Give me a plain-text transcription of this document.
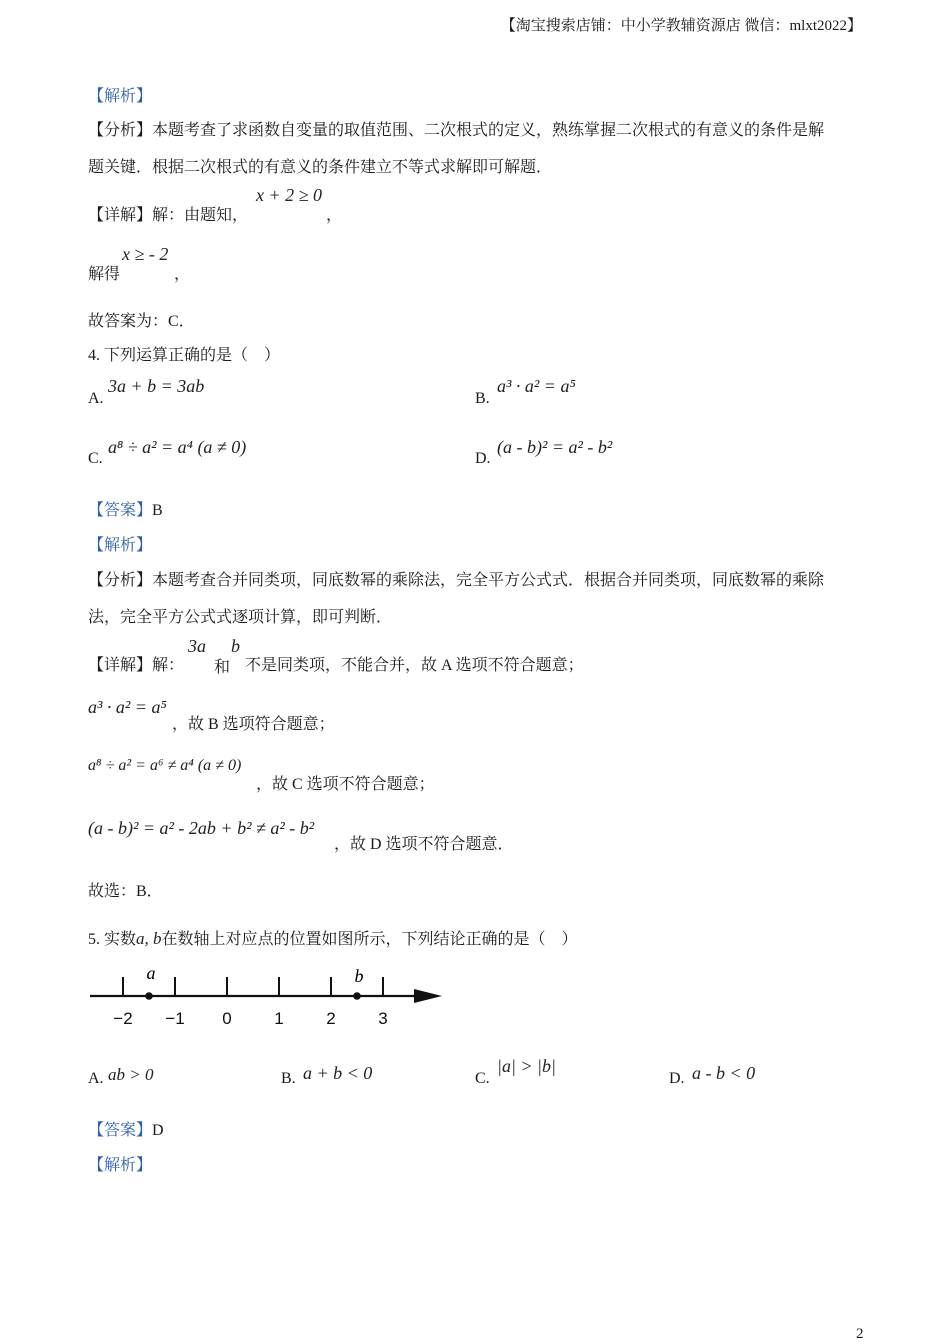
【淘宝搜索店铺：中小学教辅资源店 微信：mlxt2022】
【解析】
【分析】本题考查了求函数自变量的取值范围、二次根式的定义，熟练掌握二次根式的有意义的条件是解
题关键．根据二次根式的有意义的条件建立不等式求解即可解题．
【详解】解：由题知，
x + 2 ≥ 0
，
解得
x ≥ - 2
，
故答案为：C．
4. 下列运算正确的是（　）
A.
3a + b = 3ab
B.
a³ · a² = a⁵
C.
a⁸ ÷ a² = a⁴ (a ≠ 0)
D.
(a - b)² = a² - b²
【答案】B
【解析】
【分析】本题考查合并同类项，同底数幂的乘除法，完全平方公式式．根据合并同类项，同底数幂的乘除
法，完全平方公式式逐项计算，即可判断．
【详解】解：
3a
和
b
不是同类项，不能合并，故 A 选项不符合题意；
a³ · a² = a⁵
，故 B 选项符合题意；
a⁸ ÷ a² = a⁶ ≠ a⁴ (a ≠ 0)
，故 C 选项不符合题意；
(a - b)² = a² - 2ab + b² ≠ a² - b²
，故 D 选项不符合题意．
故选：B．
5. 实数a, b在数轴上对应点的位置如图所示，下列结论正确的是（　）
−2 −1 0	1	2	3
a	b
A. ab > 0	B. a + b < 0	C.
|a| > |b|
D. a - b < 0
【答案】D
【解析】
2
